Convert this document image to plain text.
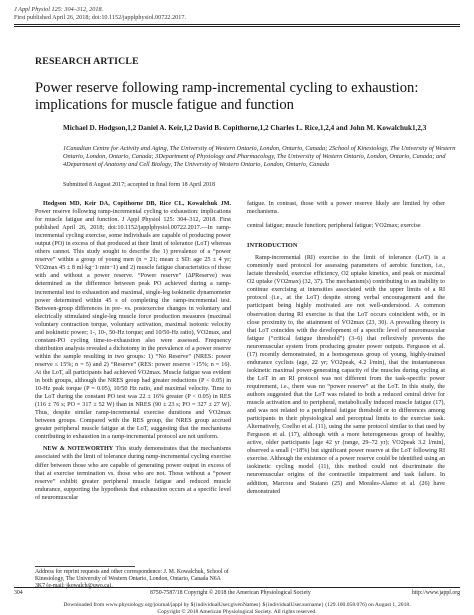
J Appl Physiol 125: 304–312, 2018.
First published April 26, 2018; doi:10.1152/japplphysiol.00722.2017.
RESEARCH ARTICLE
Power reserve following ramp-incremental cycling to exhaustion: implications for muscle fatigue and function
Michael D. Hodgson,1,2 Daniel A. Keir,1,2 David B. Copithorne,1,2 Charles L. Rice,1,2,4 and John M. Kowalchuk1,2,3
1Canadian Centre for Activity and Aging, The University of Western Ontario, London, Ontario, Canada; 2School of Kinesiology, The University of Western Ontario, London, Ontario, Canada; 3Department of Physiology and Pharmacology, The University of Western Ontario, London, Ontario, Canada; and 4Department of Anatomy and Cell Biology, The University of Western Ontario, London, Ontario, Canada
Submitted 8 August 2017; accepted in final form 18 April 2018

Hodgson MD, Keir DA, Copithorne DB, Rice CL, Kowalchuk JM. Power reserve following ramp-incremental cycling to exhaustion: implications for muscle fatigue and function. J Appl Physiol 125: 304–312, 2018. First published April 26, 2018; doi:10.1152/japplphysiol.00722.2017.—In ramp-incremental cycling exercise, some individuals are capable of producing power output (PO) in excess of that produced at their limit of tolerance (LoT) whereas others cannot. This study sought to describe the 1) prevalence of a “power reserve” within a group of young men (n = 21; mean ± SD: age 25 ± 4 yr; V̇O2max 45 ± 8 ml·kg−1·min−1) and 2) muscle fatigue characteristics of those with and without a power reserve. “Power reserve” (ΔPReserve) was determined as the difference between peak PO achieved during a ramp-incremental test to exhaustion and maximal, single-leg isokinetic dynamometer power determined within 45 s of completing the ramp-incremental test. Between-group differences in pre- vs. postexercise changes in voluntary and electrically stimulated single-leg muscle force production measures (maximal voluntary contraction torque, voluntary activation, maximal isotonic velocity and isokinetic power; 1-, 10-, 50-Hz torque; and 10/50-Hz ratio), V̇O2max, and constant-PO cycling time-to-exhaustion also were assessed. Frequency distribution analysis revealed a dichotomy in the prevalence of a power reserve within the sample resulting in two groups: 1) “No Reserve” (NRES: power reserve ≤ 15%; n = 5) and 2) “Reserve” (RES: power reserve >15%; n = 16). At the LoT, all participants had achieved V̇O2max. Muscle fatigue was evident in both groups, although the NRES group had greater reductions (P < 0.05) in 10-Hz peak torque (P = 0.05), 10/50 Hz ratio, and maximal velocity. Time to the LoT during the constant PO test was 22 ± 16% greater (P < 0.05) in RES (116 ± 76 s; PO = 317 ± 52 W) than in NRES (90 ± 23 s; PO = 327 ± 27 W). Thus, despite similar ramp-incremental exercise durations and V̇O2max between groups. Compared with the RES group, the NRES group accrued greater peripheral muscle fatigue at the LoT, suggesting that the mechanisms contributing to exhaustion in a ramp-incremental protocol are not uniform.

NEW & NOTEWORTHY This study demonstrates that the mechanisms associated with the limit of tolerance during ramp-incremental cycling exercise differ between those who are capable of generating power output in excess of that at exercise termination vs. those who are not. Those without a “power reserve” exhibit greater peripheral muscle fatigue and reduced muscle endurance, supporting the hypothesis that exhaustion occurs at a specific level of neuromuscular

fatigue. In contrast, those with a power reserve likely are limited by other mechanisms.

central fatigue; muscle function; peripheral fatigue; V̇O2max; exercise

INTRODUCTION

Ramp-incremental (RI) exercise to the limit of tolerance (LoT) is a commonly used protocol for assessing parameters of aerobic function, i.e., lactate threshold, exercise efficiency, O2 uptake kinetics, and peak or maximal O2 uptake (V̇O2max) (32, 37). The mechanism(s) contributing to an inability to continue exercising at intensities associated with the upper limits of a RI protocol (i.e., at the LoT) despite strong verbal encouragement and the participant being highly motivated are not well-understood. A common observation during RI exercise is that the LoT occurs coincident with, or in close proximity to, the attainment of V̇O2max (23, 30). A prevailing theory is that LoT coincides with the development of a specific level of neuromuscular fatigue (“critical fatigue threshold”) (3–6) that reflexively prevents the neuromuscular system from producing greater power outputs. Ferguson et al. (17) recently demonstrated, in a homogenous group of young, highly-trained endurance cyclists (age, 22 yr; V̇O2peak, 4.2 l/min), that the instantaneous isokinetic maximal power-generating capacity of the muscles during cycling at the LoT in an RI protocol was not different from the task-specific power requirement, i.e., there was no “power reserve” at the LoT. In this study, the authors suggested that the LoT was related to both a reduced central drive for muscle activation and to peripheral, metabolically induced muscle fatigue (17), and was not related to a peripheral fatigue threshold or to differences among participants in their physiological and perceptual limits to the exercise task. Alternatively, Coelho et al. (11), using the same protocol similar to that used by Ferguson et al. (17), although with a more heterogeneous group of healthy, active, older participants [age 42 yr (range, 29–72 yr); V̇O2peak 3.2 l/min], observed a small (~18%) but significant power reserve at the LoT following RI exercise. Although the existence of a power reserve could be identified using an isokinetic cycling model (11), this method could not discriminate the neuromuscular origins of the contractile impairment and task failure. In addition, Marcora and Staiano (25) and Morales-Alamo et al. (26) have demonstrated

Address for reprint requests and other correspondence: J. M. Kowalchuk, School of Kinesiology, The University of Western Ontario, London, Ontario, Canada N6A 3K7 (e-mail: jkowalch@uwo.ca).
304	8750-7587/18 Copyright © 2018 the American Physiological Society	http://www.jappl.org
Downloaded from www.physiology.org/journal/jappl by ${individualUser.givenNames} ${individualUser.surname} (129.100.058.076) on August 1, 2018.
Copyright © 2018 American Physiological Society. All rights reserved.
